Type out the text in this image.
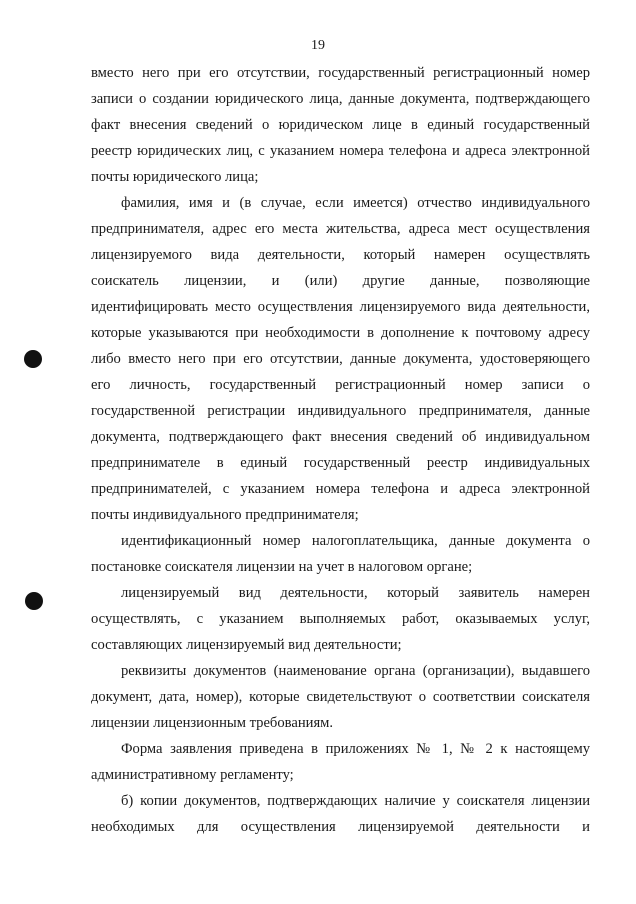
19
вместо него при его отсутствии, государственный регистрационный номер
записи о создании юридического лица, данные документа, подтверждающего
факт внесения сведений о юридическом лице в единый государственный
реестр юридических лиц, с указанием номера телефона и адреса электронной
почты юридического лица;
фамилия, имя и (в случае, если имеется) отчество индивидуального
предпринимателя, адрес его места жительства, адреса мест осуществления
лицензируемого вида деятельности, который намерен осуществлять
соискатель лицензии, и (или) другие данные, позволяющие
идентифицировать место осуществления лицензируемого вида деятельности,
которые указываются при необходимости в дополнение к почтовому адресу
либо вместо него при его отсутствии, данные документа, удостоверяющего
его личность, государственный регистрационный номер записи о
государственной регистрации индивидуального предпринимателя, данные
документа, подтверждающего факт внесения сведений об индивидуальном
предпринимателе в единый государственный реестр индивидуальных
предпринимателей, с указанием номера телефона и адреса электронной
почты индивидуального предпринимателя;
идентификационный номер налогоплательщика, данные документа о
постановке соискателя лицензии на учет в налоговом органе;
лицензируемый вид деятельности, который заявитель намерен
осуществлять, с указанием выполняемых работ, оказываемых услуг,
составляющих лицензируемый вид деятельности;
реквизиты документов (наименование органа (организации), выдавшего
документ, дата, номер), которые свидетельствуют о соответствии соискателя
лицензии лицензионным требованиям.
Форма заявления приведена в приложениях № 1, № 2 к настоящему
административному регламенту;
б) копии документов, подтверждающих наличие у соискателя лицензии
необходимых для осуществления лицензируемой деятельности и
